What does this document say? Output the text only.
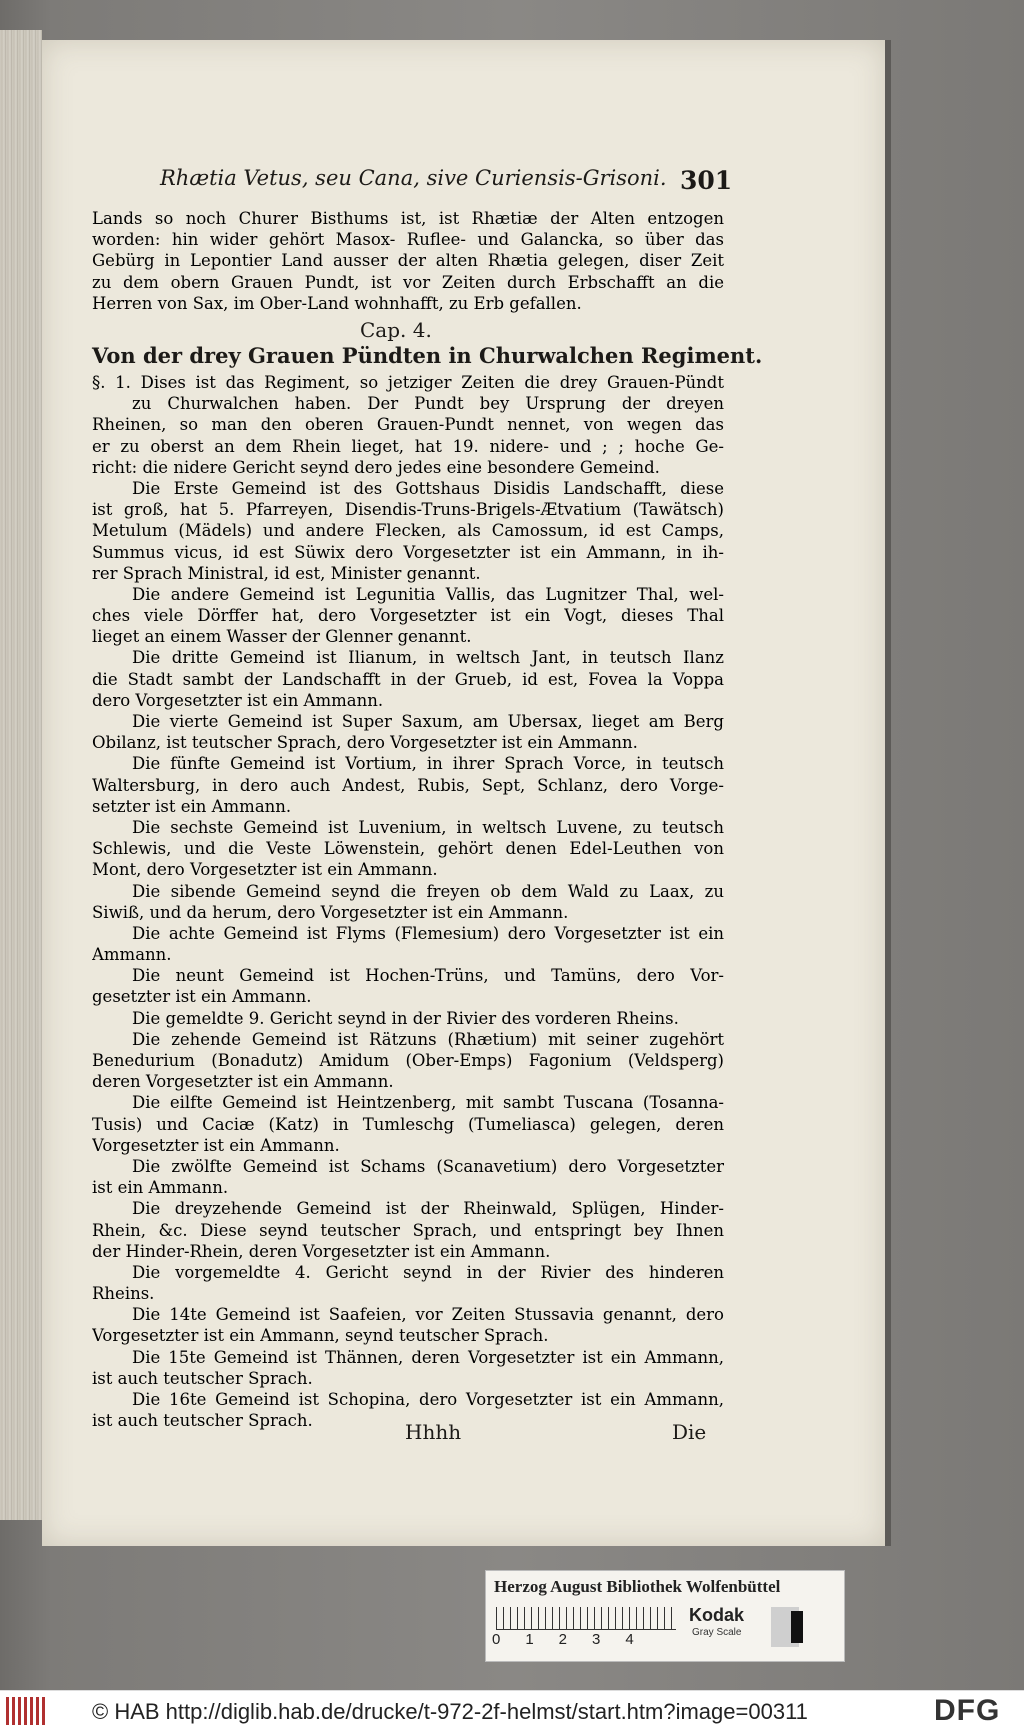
Rhætia Vetus, seu Cana, sive Curiensis-Grisoni. 301
Lands so noch Churer Bisthums ist, ist Rhætiæ der Alten entzogen
worden: hin wider gehört Masox- Ruflee- und Galancka, so über das
Gebürg in Lepontier Land ausser der alten Rhætia gelegen, diser Zeit
zu dem obern Grauen Pundt, ist vor Zeiten durch Erbschafft an die
Herren von Sax, im Ober-Land wohnhafft, zu Erb gefallen.
Cap. 4.
Von der drey Grauen Pündten in Churwalchen Regiment.
§. 1. Dises ist das Regiment, so jetziger Zeiten die drey Grauen-Pündt
zu Churwalchen haben. Der Pundt bey Ursprung der dreyen
Rheinen, so man den oberen Grauen-Pundt nennet, von wegen das
er zu oberst an dem Rhein lieget, hat 19. nidere- und ; ; hoche Ge-
richt: die nidere Gericht seynd dero jedes eine besondere Gemeind.
Die Erste Gemeind ist des Gottshaus Disidis Landschafft, diese
ist groß, hat 5. Pfarreyen, Disendis-Truns-Brigels-Ætvatium (Tawätsch)
Metulum (Mädels) und andere Flecken, als Camossum, id est Camps,
Summus vicus, id est Süwix dero Vorgesetzter ist ein Ammann, in ih-
rer Sprach Ministral, id est, Minister genannt.
Die andere Gemeind ist Legunitia Vallis, das Lugnitzer Thal, wel-
ches viele Dörffer hat, dero Vorgesetzter ist ein Vogt, dieses Thal
lieget an einem Wasser der Glenner genannt.
Die dritte Gemeind ist Ilianum, in weltsch Jant, in teutsch Ilanz
die Stadt sambt der Landschafft in der Grueb, id est, Fovea la Voppa
dero Vorgesetzter ist ein Ammann.
Die vierte Gemeind ist Super Saxum, am Ubersax, lieget am Berg
Obilanz, ist teutscher Sprach, dero Vorgesetzter ist ein Ammann.
Die fünfte Gemeind ist Vortium, in ihrer Sprach Vorce, in teutsch
Waltersburg, in dero auch Andest, Rubis, Sept, Schlanz, dero Vorge-
setzter ist ein Ammann.
Die sechste Gemeind ist Luvenium, in weltsch Luvene, zu teutsch
Schlewis, und die Veste Löwenstein, gehört denen Edel-Leuthen von
Mont, dero Vorgesetzter ist ein Ammann.
Die sibende Gemeind seynd die freyen ob dem Wald zu Laax, zu
Siwiß, und da herum, dero Vorgesetzter ist ein Ammann.
Die achte Gemeind ist Flyms (Flemesium) dero Vorgesetzter ist ein
Ammann.
Die neunt Gemeind ist Hochen-Trüns, und Tamüns, dero Vor-
gesetzter ist ein Ammann.
Die gemeldte 9. Gericht seynd in der Rivier des vorderen Rheins.
Die zehende Gemeind ist Rätzuns (Rhætium) mit seiner zugehört
Benedurium (Bonadutz) Amidum (Ober-Emps) Fagonium (Veldsperg)
deren Vorgesetzter ist ein Ammann.
Die eilfte Gemeind ist Heintzenberg, mit sambt Tuscana (Tosanna-
Tusis) und Caciæ (Katz) in Tumleschg (Tumeliasca) gelegen, deren
Vorgesetzter ist ein Ammann.
Die zwölfte Gemeind ist Schams (Scanavetium) dero Vorgesetzter
ist ein Ammann.
Die dreyzehende Gemeind ist der Rheinwald, Splügen, Hinder-
Rhein, &c. Diese seynd teutscher Sprach, und entspringt bey Ihnen
der Hinder-Rhein, deren Vorgesetzter ist ein Ammann.
Die vorgemeldte 4. Gericht seynd in der Rivier des hinderen
Rheins.
Die 14te Gemeind ist Saafeien, vor Zeiten Stussavia genannt, dero
Vorgesetzter ist ein Ammann, seynd teutscher Sprach.
Die 15te Gemeind ist Thännen, deren Vorgesetzter ist ein Ammann,
ist auch teutscher Sprach.
Die 16te Gemeind ist Schopina, dero Vorgesetzter ist ein Ammann,
ist auch teutscher Sprach.	Hhhh	Die
Herzog August Bibliothek Wolfenbüttel
01234
Kodak
Gray Scale
© HAB http://diglib.hab.de/drucke/t-972-2f-helmst/start.htm?image=00311	DFG
